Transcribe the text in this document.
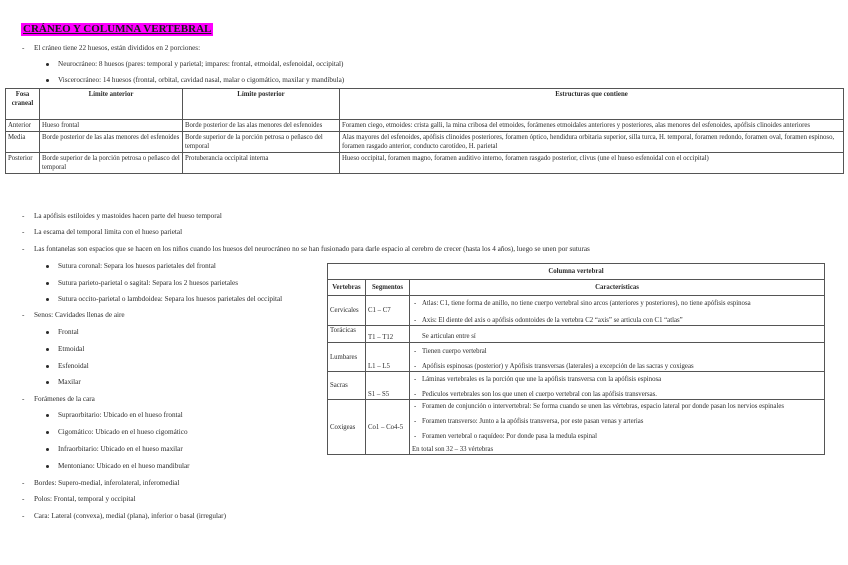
CRÁNEO Y COLUMNA VERTEBRAL
- El cráneo tiene 22 huesos, están divididos en 2 porciones:
Neurocráneo: 8 huesos (pares: temporal y parietal; impares: frontal, etmoidal, esfenoidal, occipital)
Viscerocráneo: 14 huesos (frontal, orbital, cavidad nasal, malar o cigomático, maxilar y mandíbula)
Fosa craneal	Límite anterior	Límite posterior	Estructuras que contiene
Anterior	Hueso frontal	Borde posterior de las alas menores del esfenoides	Foramen ciego, etmoides: crista galli, la mina cribosa del etmoides, forámenes etmoidales anteriores y posteriores, alas menores del esfenoides, apófisis clinoides anteriores
Media	Borde posterior de las alas menores del esfenoides	Borde superior de la porción petrosa o peñasco del temporal	Alas mayores del esfenoides, apófisis clinoides posteriores, foramen óptico, hendidura orbitaria superior, silla turca, H. temporal, foramen redondo, foramen oval, foramen espinoso, foramen rasgado anterior, conducto carotídeo, H. parietal
Posterior	Borde superior de la porción petrosa o peñasco del temporal	Protuberancia occipital interna	Hueso occipital, foramen magno, foramen auditivo interno, foramen rasgado posterior, clivus (une el hueso esfenoidal con el occipital)
- La apófisis estiloides y mastoides hacen parte del hueso temporal
- La escama del temporal limita con el hueso parietal
- Las fontanelas son espacios que se hacen en los niños cuando los huesos del neurocráneo no se han fusionado para darle espacio al cerebro de crecer (hasta los 4 años), luego se unen por suturas
Sutura coronal: Separa los huesos parietales del frontal
Sutura parieto-parietal o sagital: Separa los 2 huesos parietales
Sutura occito-parietal o lambdoidea: Separa los huesos parietales del occipital
- Senos: Cavidades llenas de aire
Frontal
Etmoidal
Esfenoidal
Maxilar
- Forámenes de la cara
Supraorbitario: Ubicado en el hueso frontal
Cigomático: Ubicado en el hueso cigomático
Infraorbitario: Ubicado en el hueso maxilar
Mentoniano: Ubicado en el hueso mandibular
- Bordes: Supero-medial, inferolateral, inferomedial
- Polos: Frontal, temporal y occipital
- Cara: Lateral (convexa), medial (plana), inferior o basal (irregular)
Columna vertebral		
Vertebras	Segmentos	Características
Cervicales	C1 – C7	- Atlas: C1, tiene forma de anillo, no tiene cuerpo vertebral sino arcos (anteriores y posteriores), no tiene apófisis espinosa
- Axis: El diente del axis o apófisis odontoides de la vertebra C2 “axis” se articula con C1 “atlas”

Torácicas	T1 – T12	Se articulan entre sí

Lumbares	L1 – L5	- Tienen cuerpo vertebral
- Apófisis espinosas (posterior) y Apófisis transversas (laterales) a excepción de las sacras y coxigeas

Sacras	S1 – S5	- Láminas vertebrales es la porción que une la apófisis transversa con la apófisis espinosa
- Pediculos vertebrales son los que unen el cuerpo vertebral con las apófisis transversas.

Coxigeas	Co1 – Co4-5	- Foramen de conjunción o intervertebral: Se forma cuando se unen las vértebras, espacio lateral por donde pasan los nervios espinales
- Foramen transverso: Junto a la apófisis transversa, por este pasan venas y arterias
- Foramen vertebral o raquídeo: Por donde pasa la medula espinal
En total son 32 – 33 vértebras
